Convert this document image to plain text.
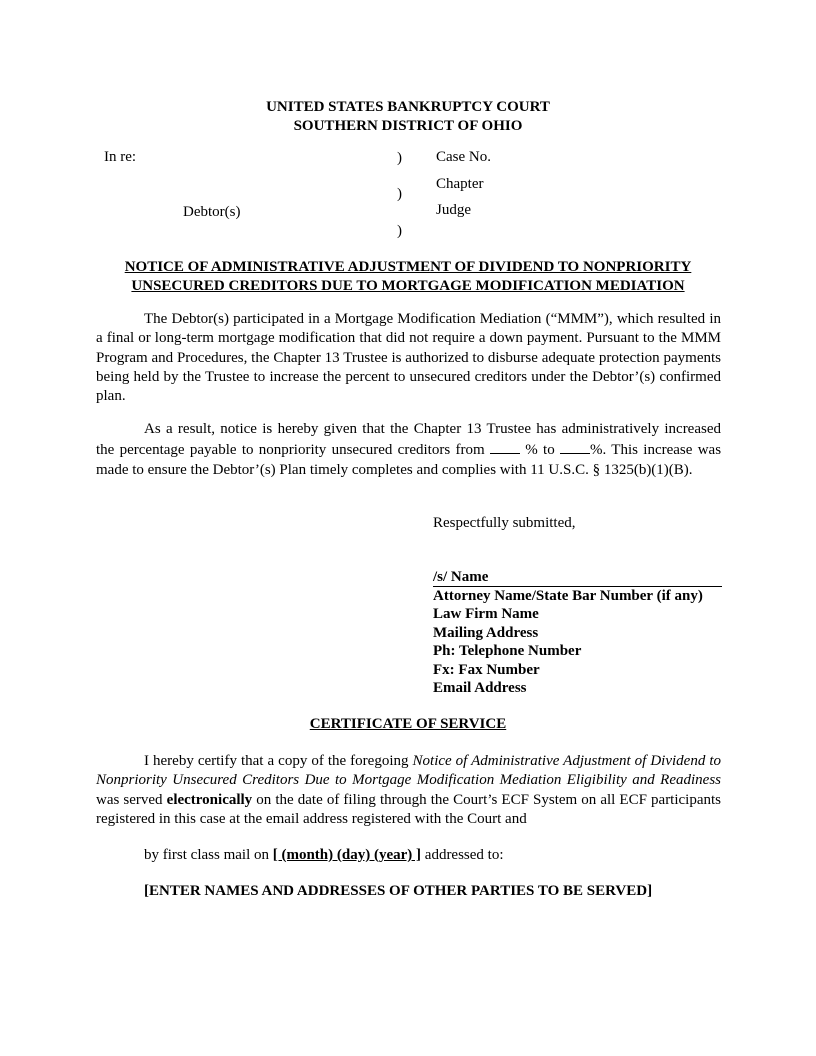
UNITED STATES BANKRUPTCY COURT
SOUTHERN DISTRICT OF OHIO
In re:
Debtor(s)
)
)
)
Case No.
Chapter
Judge
NOTICE OF ADMINISTRATIVE ADJUSTMENT OF DIVIDEND TO NONPRIORITY
UNSECURED CREDITORS DUE TO MORTGAGE MODIFICATION MEDIATION
The Debtor(s) participated in a Mortgage Modification Mediation (“MMM”), which resulted in a final or long-term mortgage modification that did not require a down payment. Pursuant to the MMM Program and Procedures, the Chapter 13 Trustee is authorized to disburse adequate protection payments being held by the Trustee to increase the percent to unsecured creditors under the Debtor’(s) confirmed plan.
As a result, notice is hereby given that the Chapter 13 Trustee has administratively increased the percentage payable to nonpriority unsecured creditors from	% to %. This increase was made to ensure the Debtor’(s) Plan timely completes and complies with 11 U.S.C. § 1325(b)(1)(B).
Respectfully submitted,
/s/ Name
Attorney Name/State Bar Number (if any)
Law Firm Name
Mailing Address
Ph: Telephone Number
Fx: Fax Number
Email Address
CERTIFICATE OF SERVICE
I hereby certify that a copy of the foregoing Notice of Administrative Adjustment of Dividend to Nonpriority Unsecured Creditors Due to Mortgage Modification Mediation Eligibility and Readiness was served electronically on the date of filing through the Court’s ECF System on all ECF participants registered in this case at the email address registered with the Court and
by first class mail on [ (month) (day) (year) ] addressed to:
[ENTER NAMES AND ADDRESSES OF OTHER PARTIES TO BE SERVED]
